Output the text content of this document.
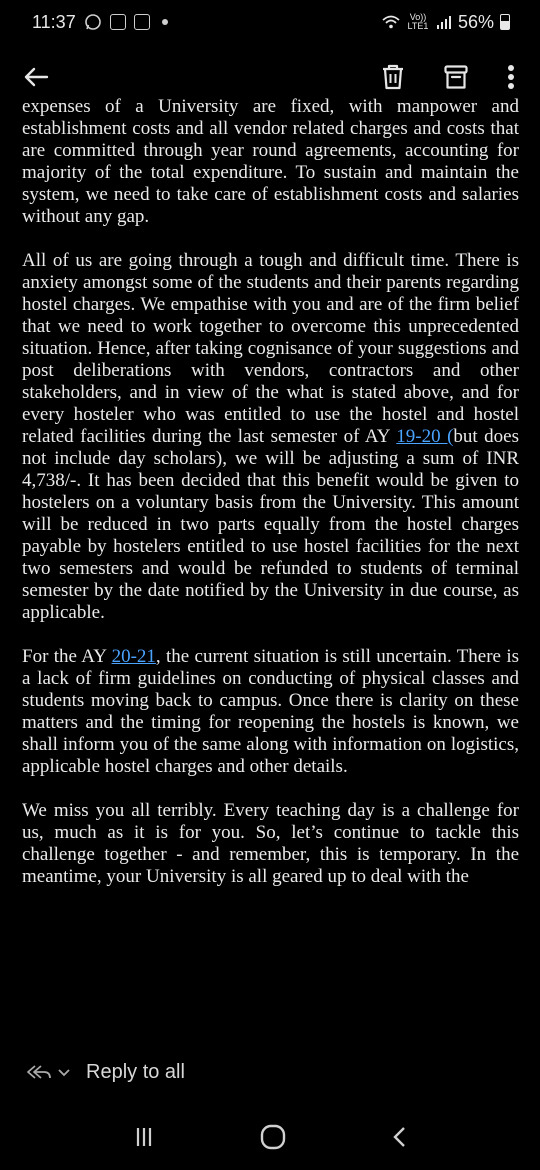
11:37	Vo)) LTE1 56%

expenses of a University are fixed, with manpower and establishment costs and all vendor related charges and costs that are committed through year round agreements, accounting for majority of the total expenditure. To sustain and maintain the system, we need to take care of establishment costs and salaries without any gap.

All of us are going through a tough and difficult time. There is anxiety amongst some of the students and their parents regarding hostel charges. We empathise with you and are of the firm belief that we need to work together to overcome this unprecedented situation. Hence, after taking cognisance of your suggestions and post deliberations with vendors, contractors and other stakeholders, and in view of the what is stated above, and for every hosteler who was entitled to use the hostel and hostel related facilities during the last semester of AY 19-20 (but does not include day scholars), we will be adjusting a sum of INR 4,738/-. It has been decided that this benefit would be given to hostelers on a voluntary basis from the University. This amount will be reduced in two parts equally from the hostel charges payable by hostelers entitled to use hostel facilities for the next two semesters and would be refunded to students of terminal semester by the date notified by the University in due course, as applicable.

For the AY 20-21, the current situation is still uncertain. There is a lack of firm guidelines on conducting of physical classes and students moving back to campus. Once there is clarity on these matters and the timing for reopening the hostels is known, we shall inform you of the same along with information on logistics, applicable hostel charges and other details.

We miss you all terribly. Every teaching day is a challenge for us, much as it is for you. So, let’s continue to tackle this challenge together - and remember, this is temporary. In the meantime, your University is all geared up to deal with the

Reply to all
